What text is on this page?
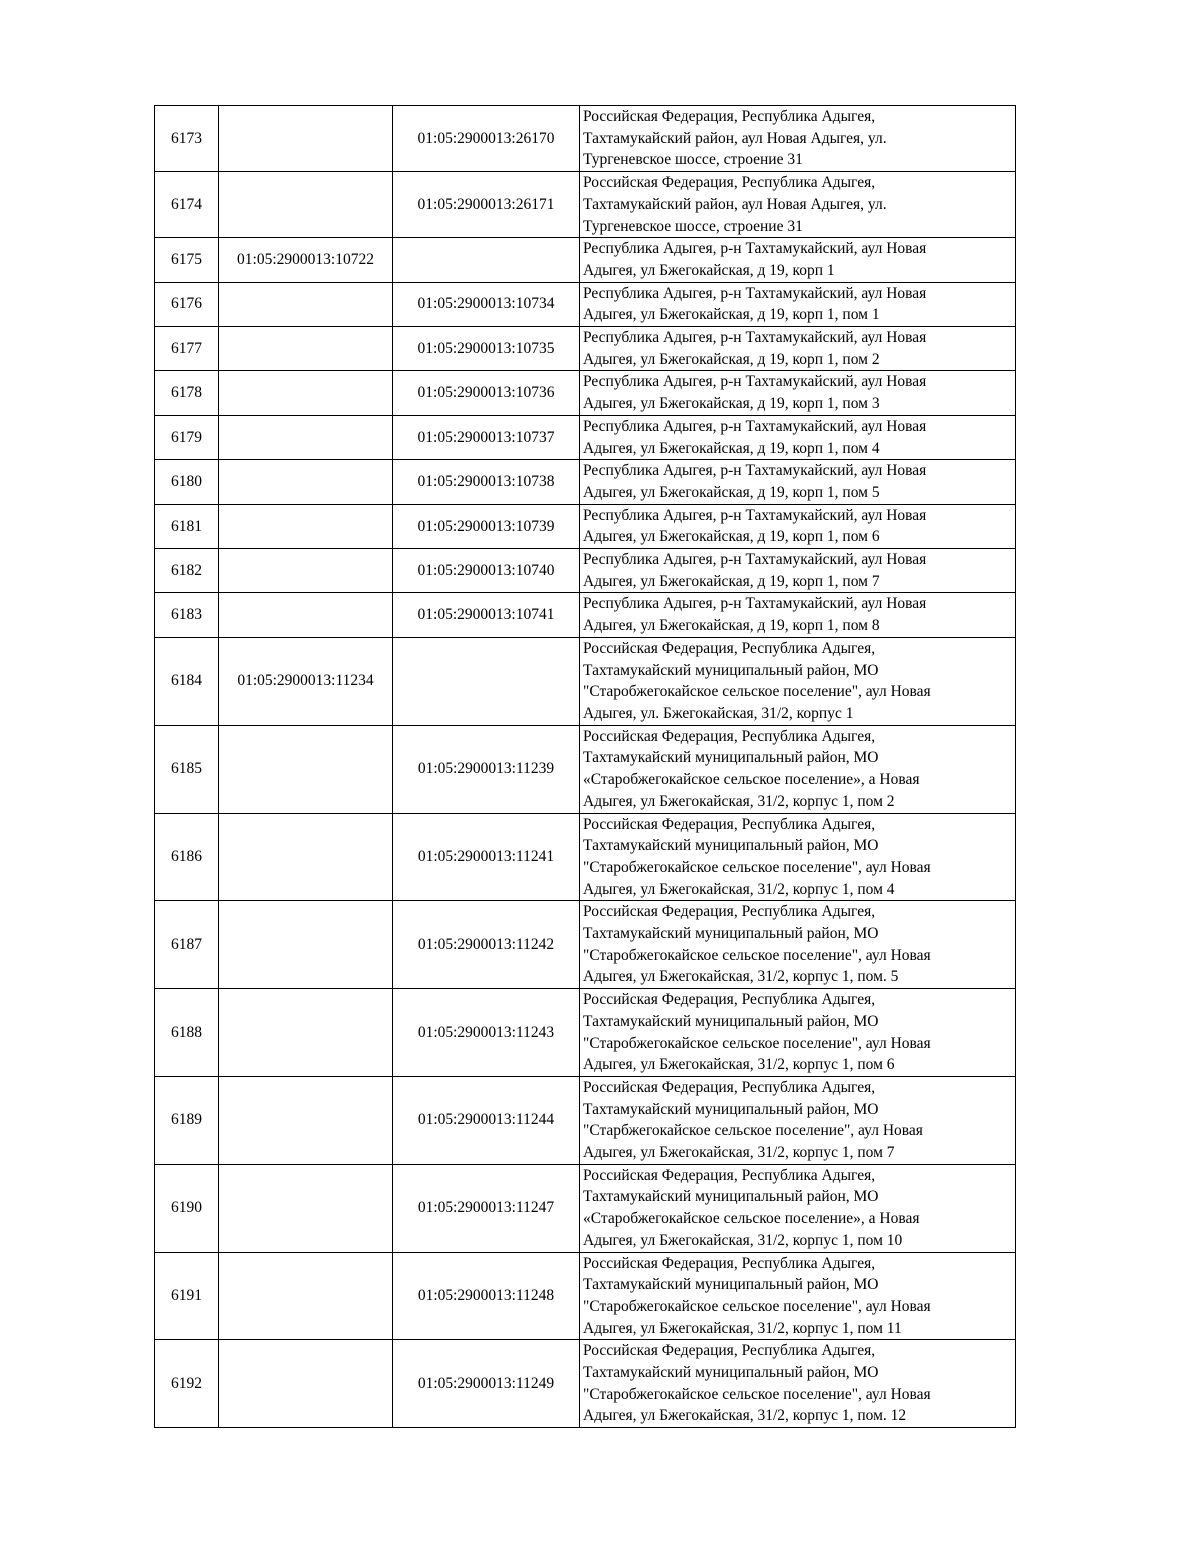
6173		01:05:2900013:26170	Российская Федерация, Республика Адыгея,
Тахтамукайский район, аул Новая Адыгея, ул.
Тургеневское шоссе, строение 31
6174		01:05:2900013:26171	Российская Федерация, Республика Адыгея,
Тахтамукайский район, аул Новая Адыгея, ул.
Тургеневское шоссе, строение 31
6175	01:05:2900013:10722		Республика Адыгея, р-н Тахтамукайский, аул Новая
Адыгея, ул Бжегокайская, д 19, корп 1
6176		01:05:2900013:10734	Республика Адыгея, р-н Тахтамукайский, аул Новая
Адыгея, ул Бжегокайская, д 19, корп 1, пом 1
6177		01:05:2900013:10735	Республика Адыгея, р-н Тахтамукайский, аул Новая
Адыгея, ул Бжегокайская, д 19, корп 1, пом 2
6178		01:05:2900013:10736	Республика Адыгея, р-н Тахтамукайский, аул Новая
Адыгея, ул Бжегокайская, д 19, корп 1, пом 3
6179		01:05:2900013:10737	Республика Адыгея, р-н Тахтамукайский, аул Новая
Адыгея, ул Бжегокайская, д 19, корп 1, пом 4
6180		01:05:2900013:10738	Республика Адыгея, р-н Тахтамукайский, аул Новая
Адыгея, ул Бжегокайская, д 19, корп 1, пом 5
6181		01:05:2900013:10739	Республика Адыгея, р-н Тахтамукайский, аул Новая
Адыгея, ул Бжегокайская, д 19, корп 1, пом 6
6182		01:05:2900013:10740	Республика Адыгея, р-н Тахтамукайский, аул Новая
Адыгея, ул Бжегокайская, д 19, корп 1, пом 7
6183		01:05:2900013:10741	Республика Адыгея, р-н Тахтамукайский, аул Новая
Адыгея, ул Бжегокайская, д 19, корп 1, пом 8
6184	01:05:2900013:11234		Российская Федерация, Республика Адыгея,
Тахтамукайский муниципальный район, МО
"Старобжегокайское сельское поселение", аул Новая
Адыгея, ул. Бжегокайская, 31/2, корпус 1
6185		01:05:2900013:11239	Российская Федерация, Республика Адыгея,
Тахтамукайский муниципальный район, МО
«Старобжегокайское сельское поселение», а Новая
Адыгея, ул Бжегокайская, 31/2, корпус 1, пом 2
6186		01:05:2900013:11241	Российская Федерация, Республика Адыгея,
Тахтамукайский муниципальный район, МО
"Старобжегокайское сельское поселение", аул Новая
Адыгея, ул Бжегокайская, 31/2, корпус 1, пом 4
6187		01:05:2900013:11242	Российская Федерация, Республика Адыгея,
Тахтамукайский муниципальный район, МО
"Старобжегокайское сельское поселение", аул Новая
Адыгея, ул Бжегокайская, 31/2, корпус 1, пом. 5
6188		01:05:2900013:11243	Российская Федерация, Республика Адыгея,
Тахтамукайский муниципальный район, МО
"Старобжегокайское сельское поселение", аул Новая
Адыгея, ул Бжегокайская, 31/2, корпус 1, пом 6
6189		01:05:2900013:11244	Российская Федерация, Республика Адыгея,
Тахтамукайский муниципальный район, МО
"Старбжегокайское сельское поселение", аул Новая
Адыгея, ул Бжегокайская, 31/2, корпус 1, пом 7
6190		01:05:2900013:11247	Российская Федерация, Республика Адыгея,
Тахтамукайский муниципальный район, МО
«Старобжегокайское сельское поселение», а Новая
Адыгея, ул Бжегокайская, 31/2, корпус 1, пом 10
6191		01:05:2900013:11248	Российская Федерация, Республика Адыгея,
Тахтамукайский муниципальный район, МО
"Старобжегокайское сельское поселение", аул Новая
Адыгея, ул Бжегокайская, 31/2, корпус 1, пом 11
6192		01:05:2900013:11249	Российская Федерация, Республика Адыгея,
Тахтамукайский муниципальный район, МО
"Старобжегокайское сельское поселение", аул Новая
Адыгея, ул Бжегокайская, 31/2, корпус 1, пом. 12
